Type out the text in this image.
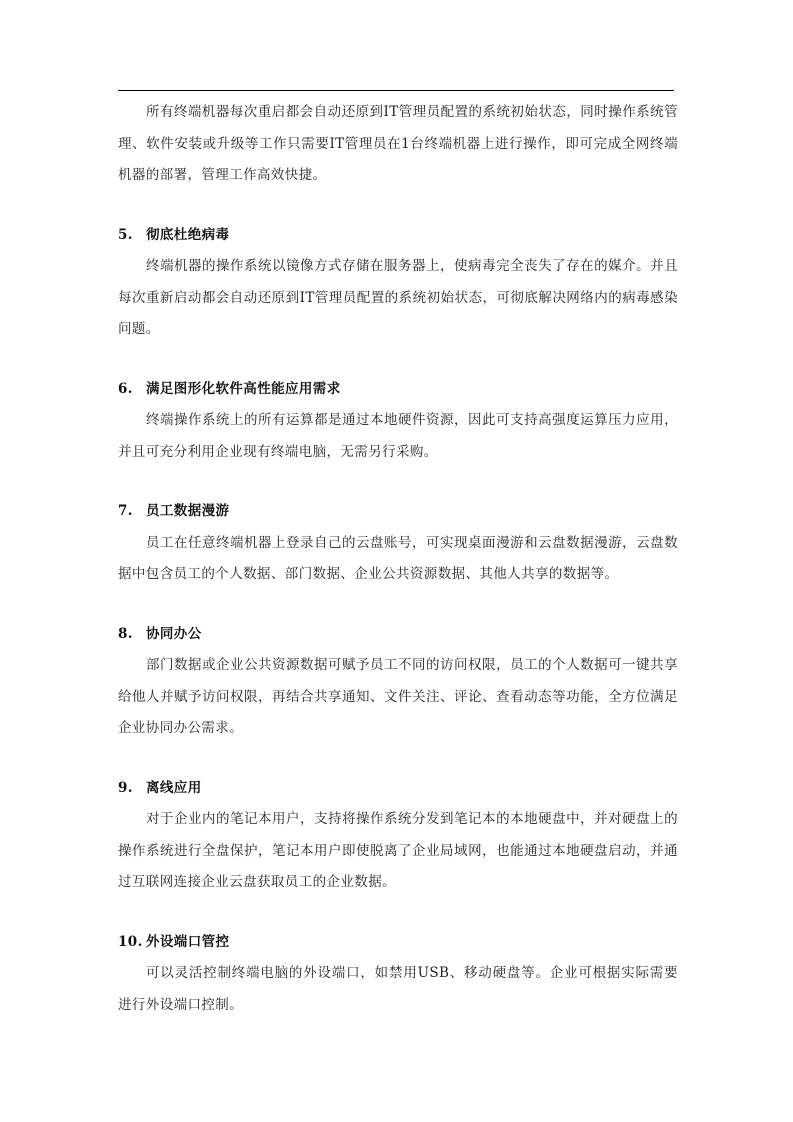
所有终端机器每次重启都会自动还原到IT管理员配置的系统初始状态，同时操作系统管理、软件安装或升级等工作只需要IT管理员在1台终端机器上进行操作，即可完成全网终端机器的部署，管理工作高效快捷。

5. 彻底杜绝病毒

终端机器的操作系统以镜像方式存储在服务器上，使病毒完全丧失了存在的媒介。并且每次重新启动都会自动还原到IT管理员配置的系统初始状态，可彻底解决网络内的病毒感染问题。

6. 满足图形化软件高性能应用需求

终端操作系统上的所有运算都是通过本地硬件资源，因此可支持高强度运算压力应用，并且可充分利用企业现有终端电脑，无需另行采购。

7. 员工数据漫游

员工在任意终端机器上登录自己的云盘账号，可实现桌面漫游和云盘数据漫游，云盘数据中包含员工的个人数据、部门数据、企业公共资源数据、其他人共享的数据等。

8. 协同办公

部门数据或企业公共资源数据可赋予员工不同的访问权限，员工的个人数据可一键共享给他人并赋予访问权限，再结合共享通知、文件关注、评论、查看动态等功能，全方位满足企业协同办公需求。

9. 离线应用

对于企业内的笔记本用户，支持将操作系统分发到笔记本的本地硬盘中，并对硬盘上的操作系统进行全盘保护，笔记本用户即使脱离了企业局域网，也能通过本地硬盘启动，并通过互联网连接企业云盘获取员工的企业数据。

10. 外设端口管控

可以灵活控制终端电脑的外设端口，如禁用USB、移动硬盘等。企业可根据实际需要进行外设端口控制。
